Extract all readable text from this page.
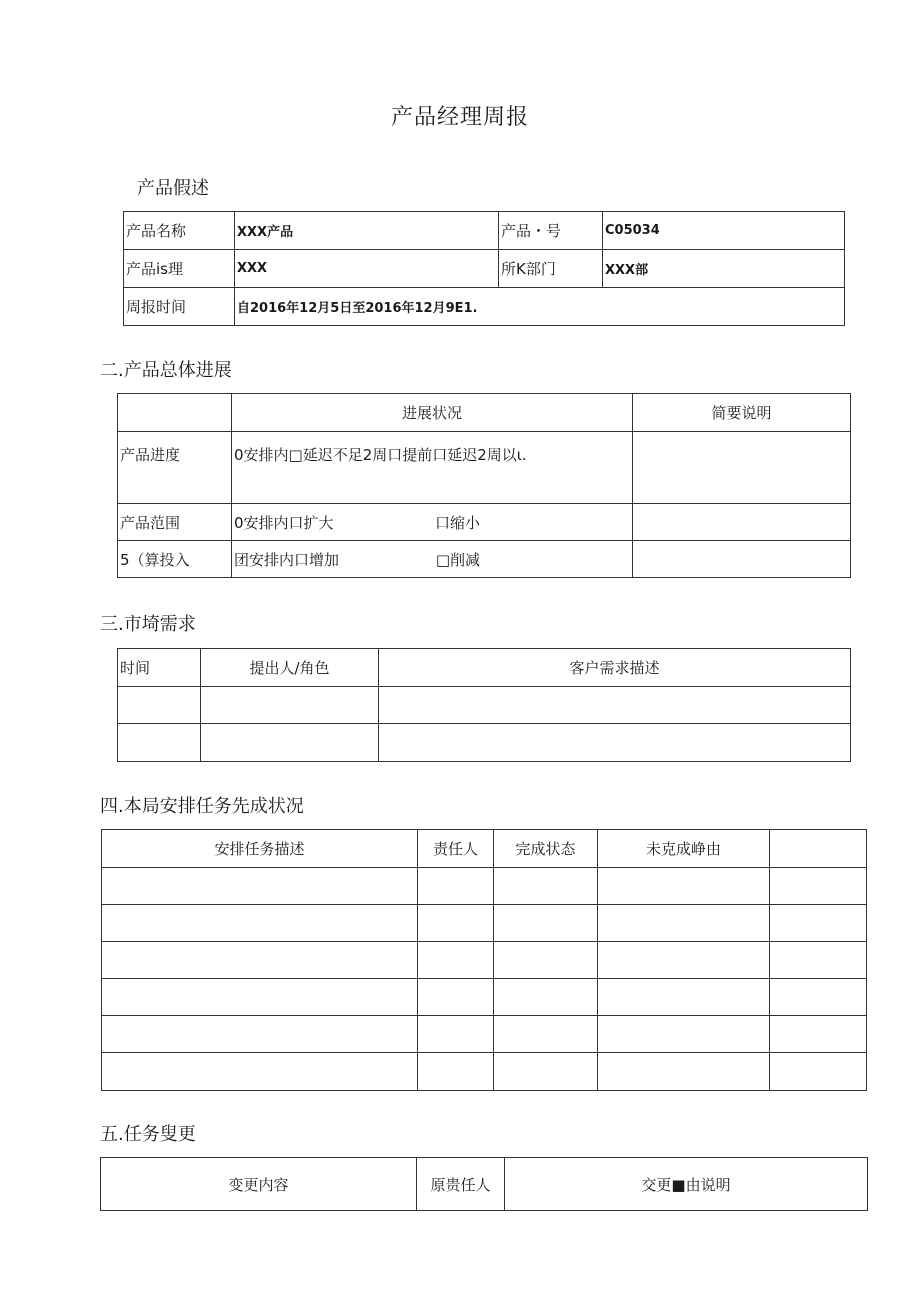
产品经理周报
产品假述
产品名称	XXX产品	产品・号	C05034
产品is理	XXX	所K部门	XXX部
周报时间	自2016年12月5日至2016年12月9E1.		
二.产品总体进展
	进展状况	简要说明
产品进度	0安排内□延迟不足2周口提前口延迟2周以ι.	
产品范围	0安排内口扩大 口缩小	

5（算投入	团安排内口增加 □削减	

三.市埼需求
时间	提出人/角色	客户需求描述

四.本局安排任务先成状况
安排任务描述	责任人	完成状态	未克成峥由	

五.任务叟更
变更内容	原贵任人	交更■由说明
